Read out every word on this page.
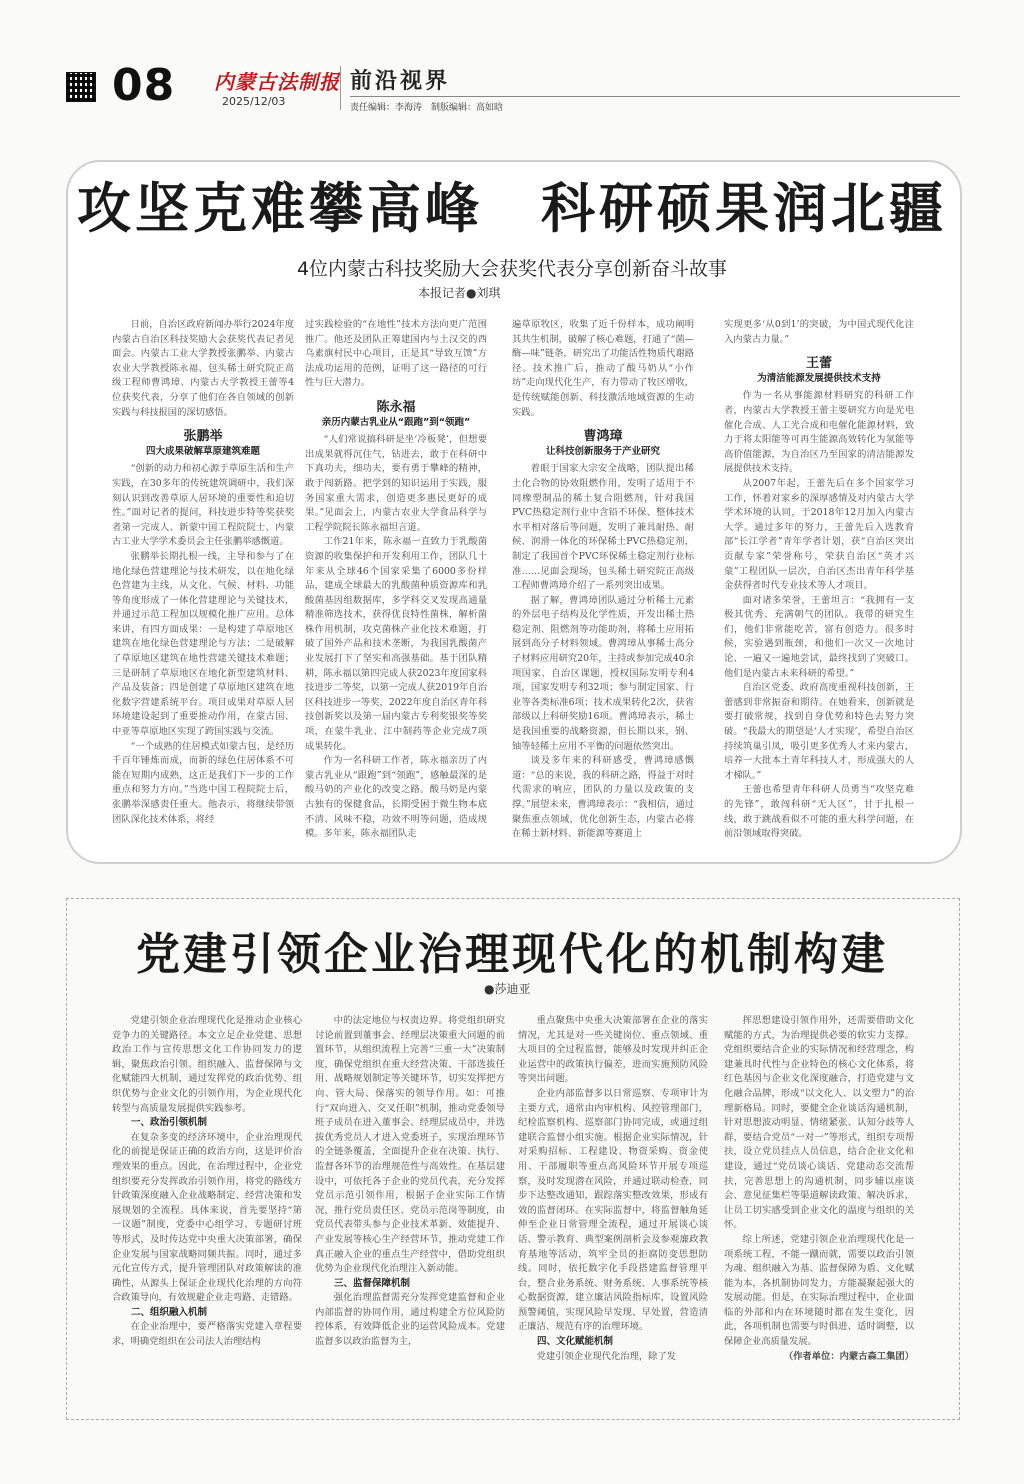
08 内蒙古法制报
2025/12/03
前沿视界
责任编辑：李海涛　制版编辑：高如晗
攻坚克难攀高峰　科研硕果润北疆
4位内蒙古科技奖励大会获奖代表分享创新奋斗故事
本报记者●刘琪

日前，自治区政府新闻办举行2024年度内蒙古自治区科技奖励大会获奖代表记者见面会。内蒙古工业大学教授张鹏举、内蒙古农业大学教授陈永福、包头稀土研究院正高级工程师曹鸿璋、内蒙古大学教授王蕾等4位获奖代表，分享了他们在各自领域的创新实践与科技报国的深切感悟。

张鹏举
四大成果破解草原建筑难题

“创新的动力和初心源于草原生活和生产实践，在30多年的传统建筑调研中，我们深刻认识到改善草原人居环境的重要性和迫切性。”面对记者的提问，科技进步特等奖获奖者第一完成人、新蒙中国工程院院士、内蒙古工业大学学术委员会主任张鹏举感慨道。

张鹏举长期扎根一线，主导和参与了在地化绿色营建理论与技术研发，以在地化绿色营建为主线，从文化、气候、材料、功能等角度形成了一体化营建理论与关键技术，并通过示范工程加以规模化推广应用。总体来讲，有四方面成果：一是构建了草原地区建筑在地化绿色营建理论与方法；二是破解了草原地区建筑在地性营建关键技术难题；三是研制了草原地区在地化新型建筑材料、产品及装备；四是创建了草原地区建筑在地化数字营建系统平台。项目成果对草原人居环境建设起到了重要推动作用，在蒙古国、中亚等草原地区实现了跨国实践与交流。

“一个成熟的住居模式如蒙古包，是经历千百年锤炼而成，而新的绿色住居体系不可能在短期内成熟，这正是我们下一步的工作重点和努力方向。”当选中国工程院院士后，张鹏举深感责任重大。他表示，将继续带领团队深化技术体系，将经

过实践检验的“在地性”技术方法向更广范围推广。他还及团队正筹建国内与土汉交的西乌素旗村民中心项目，正是其“导致互馈”方法成功运用的范例，证明了这一路径的可行性与巨大潜力。

陈永福
亲历内蒙古乳业从“跟跑”到“领跑”

“人们常说搞科研是坐‘冷板凳’，但想要出成果就得沉住气，钻进去，敢于在科研中下真功夫，细功夫，要有勇于攀峰的精神，敢于闯新路。把学到的知识运用于实践，服务国家重大需求，创造更多惠民更好的成果。”见面会上，内蒙古农业大学食品科学与工程学院院长陈永福坦言道。

工作21年来，陈永福一直致力于乳酸菌资源的收集保护和开发利用工作，团队几十年来从全球46个国家采集了6000多份样品，建成全球最大的乳酸菌种质资源库和乳酸菌基因组数据库，多学科交叉发现高通量精准筛选技术，获得优良特性菌株，解析菌株作用机制，攻克菌株产业化技术难题，打破了国外产品和技术垄断，为我国乳酸菌产业发展打下了坚实和高强基础。基于团队精耕，陈永福以第四完成人获2023年度国家科技进步二等奖，以第一完成人获2019年自治区科技进步一等奖，2022年度自治区青年科技创新奖以及第一届内蒙古专利奖银奖等奖项，在蒙牛乳业、江中制药等企业完成7项成果转化。

作为一名科研工作者，陈永福亲历了内蒙古乳业从“跟跑”到“领跑”，感触最深的是酸马奶的产业化的改变之路。酸马奶是内蒙古独有的保健食品，长期受困于微生物本底不清、风味不稳，功效不明等问题，造成规模。多年来，陈永福团队走

遍草原牧区，收集了近千份样本，成功阐明其共生机制，破解了核心难题，打通了“菌—酶—味”链条，研究出了功能活性物质代谢路径。技术推广后，推动了酸马奶从“小作坊”走向现代化生产，有力带动了牧区增收，是传统赋能创新、科技激活地域资源的生动实践。

曹鸿璋
让科技创新服务于产业研究

着眼于国家大宗安全战略，团队提出稀土化合物的协效阻燃作用，发明了适用于不同橡塑制品的稀土复合阻燃剂，针对我国PVC热稳定剂行业中含铅不环保、整体技术水平相对落后等问题，发明了兼具耐热、耐候、润滑一体化的环保稀土PVC热稳定剂，制定了我国首个PVC环保稀土稳定剂行业标准……见面会现场，包头稀土研究院正高级工程师曹鸿璋介绍了一系列突出成果。

据了解，曹鸿璋团队通过分析稀土元素的外层电子结构及化学性质，开发出稀土热稳定剂、阻燃剂等功能助剂，将稀土应用拓展到高分子材料领域。曹鸿璋从事稀土高分子材料应用研究20年，主持或参加完成40余项国家、自治区课题，授权国际发明专利4项，国家发明专利32项；参与制定国家、行业等各类标准6项；技术成果转化2次，获省部级以上科研奖励16项。曹鸿璋表示，稀土是我国重要的战略资源，但长期以来，钢、铀等轻稀土应用不平衡的问题依然突出。

谈及多年来的科研感受，曹鸿璋感慨道：“总的来说，我的科研之路，得益于对时代需求的响应，团队的力量以及政策的支撑。”展望未来，曹鸿璋表示：“我相信，通过聚焦重点领域，优化创新生态，内蒙古必将在稀土新材料、新能源等赛道上

实现更多‘从0到1’的突破，为中国式现代化注入内蒙古力量。”

王蕾
为清洁能源发展提供技术支持

作为一名从事能源材料研究的科研工作者，内蒙古大学教授王蕾主要研究方向是光电催化合成、人工光合成和电催化能源材料，致力于将太阳能等可再生能源高效转化为氢能等高价值能源，为自治区乃至国家的清洁能源发展提供技术支持。

从2007年起，王蕾先后在多个国家学习工作，怀着对家乡的深厚感情及对内蒙古大学学术环境的认同，于2018年12月加入内蒙古大学。通过多年的努力，王蕾先后入选教育部“长江学者”青年学者计划，获“自治区突出贡献专家”荣誉称号，荣获自治区“英才兴蒙”工程团队一层次，自治区杰出青年科学基金获得者时代专业技术等人才项目。

面对诸多荣誉，王蕾坦言：“我拥有一支极其优秀、充满朝气的团队。我带的研究生们，他们非常能吃苦，富有创造力。很多时候，实验遇到瓶颈，和他们一次又一次地讨论、一遍又一遍地尝试，最终找到了突破口。他们是内蒙古未来科研的希望。”

自治区党委、政府高度重视科技创新，王蕾感到非常振奋和期待。在她看来，创新就是要打破常规，找到自身优势和特色去努力突破。“我最大的期望是‘人才实现’，希望自治区持续筑巢引凤，吸引更多优秀人才来内蒙古，培养一大批本土青年科技人才，形成强大的人才梯队。”

王蕾也希望青年科研人员勇当“攻坚克难的先锋”，敢闯科研“无人区”，甘于扎根一线，敢于跳战看似不可能的重大科学问题，在前沿领域取得突破。

党建引领企业治理现代化的机制构建
●莎迪亚

党建引领企业治理现代化是推动企业核心竞争力的关键路径。本文立足企业党建、思想政治工作与宣传思想文化工作协同发力的逻辑，聚焦政治引领、组织融入、监督保障与文化赋能四大机制，通过发挥党的政治优势、组织优势与企业文化的引领作用，为企业现代化转型与高质量发展提供实践参考。

一、政治引领机制

在复杂多变的经济环境中，企业治理现代化的前提是保证正确的政治方向，这是评价治理效果的重点。因此，在治理过程中，企业党组织要充分发挥政治引领作用，将党的路线方针政策深度融入企业战略制定、经营决策和发展规划的全流程。具体来说，首先要坚持“第一议题”制度，党委中心组学习、专题研讨班等形式，及时传达党中央重大决策部署，确保企业发展与国家战略同频共振。同时，通过多元化宣传方式，提升管理团队对政策解读的准确性，从源头上保证企业现代化治理的方向符合政策导向，有效规避企业走弯路、走错路。

二、组织融入机制

在企业治理中，要严格落实党建入章程要求，明确党组织在公司法人治理结构

中的法定地位与权责边界。将党组织研究讨论前置到董事会、经理层决策重大问题的前置环节，从组织流程上完善“三重一大”决策制度，确保党组织在重大经营决策、干部选拔任用、战略规划制定等关键环节，切实发挥把方向、管大局、保落实的领导作用。如：可推行“双向进入、交叉任职”机制，推动党委领导班子成员在进入董事会、经理层成员中，并选拔优秀党员人才进入党委班子，实现治理环节的全链条覆盖，全面提升企业在决策、执行、监督各环节的治理规范性与高效性。在基层建设中，可依托各子企业的党员代表，充分发挥党员示范引领作用，根据子企业实际工作情况，推行党员责任区、党员示范岗等制度，由党员代表带头参与企业技术革新、效能提升、产业发展等核心生产经营环节，推动党建工作真正融入企业的重点生产经营中，借助党组织优势为企业现代化治理注入新动能。

三、监督保障机制

强化治理监督需充分发挥党建监督和企业内部监督的协同作用，通过构建全方位风险防控体系，有效降低企业的运营风险成本。党建监督多以政治监督为主，

重点聚焦中央重大决策部署在企业的落实情况，尤其是对一些关键岗位、重点领域、重大项目的全过程监督，能够及时发现并纠正企业运营中的政策执行偏差，进而实施预防风险等突出问题。

企业内部监督多以日常巡察、专项审计为主要方式，通常由内审机构、风控管理部门，纪检监察机构、巡察部门协同完成，或通过组建联合监督小组实施。根据企业实际情况，针对采购招标、工程建设、物资采购、资金使用、干部履职等重点高风险环节开展专项巡察，及时发现潜在风险，并通过联动检查，同步下达整改通知，跟踪落实整改效果，形成有效的监督闭环。在实际监督中，将监督触角延伸至企业日常管理全流程，通过开展谈心谈话、警示教育、典型案例剖析会及参观廉政教育基地等活动，筑牢全员的拒腐防变思想防线。同时，依托数字化手段搭建监督管理平台，整合业务系统、财务系统、人事系统等核心数据资源，建立廉洁风险指标库，设置风险预警阈值，实现风险早发现、早处置，营造清正廉洁、规范有序的治理环境。

四、文化赋能机制

党建引领企业现代化治理，除了发

挥思想建设引领作用外，还需要借助文化赋能的方式，为治理提供必要的软实力支撑。党组织要结合企业的实际情况和经营理念，构建兼具时代性与企业特色的核心文化体系，将红色基因与企业文化深度融合，打造党建与文化融合品牌，形成“以文化人、以文塑力”的治理新格局。同时，要健全企业谈话沟通机制，针对思想波动明显、情绪紧张、认知分歧等人群，要结合党员“一对一”等形式，组织专项帮扶，设立党员挂点人员信息，结合企业文化和建设，通过“党员谈心谈话、党建动态交流帮扶，完善思想上的沟通机制，同步辅以座谈会、意见征集栏等渠道解读政策、解决诉求，让员工切实感受到企业文化的温度与组织的关怀。

综上所述，党建引领企业治理现代化是一项系统工程，不能一蹴而就，需要以政治引领为魂、组织融入为基、监督保障为盾、文化赋能为本，各机制协同发力，方能凝聚起强大的发展动能。但是，在实际治理过程中，企业面临的外部和内在环境随时都在发生变化，因此，各项机制也需要与时俱进、适时调整，以保障企业高质量发展。

（作者单位：内蒙古森工集团）
